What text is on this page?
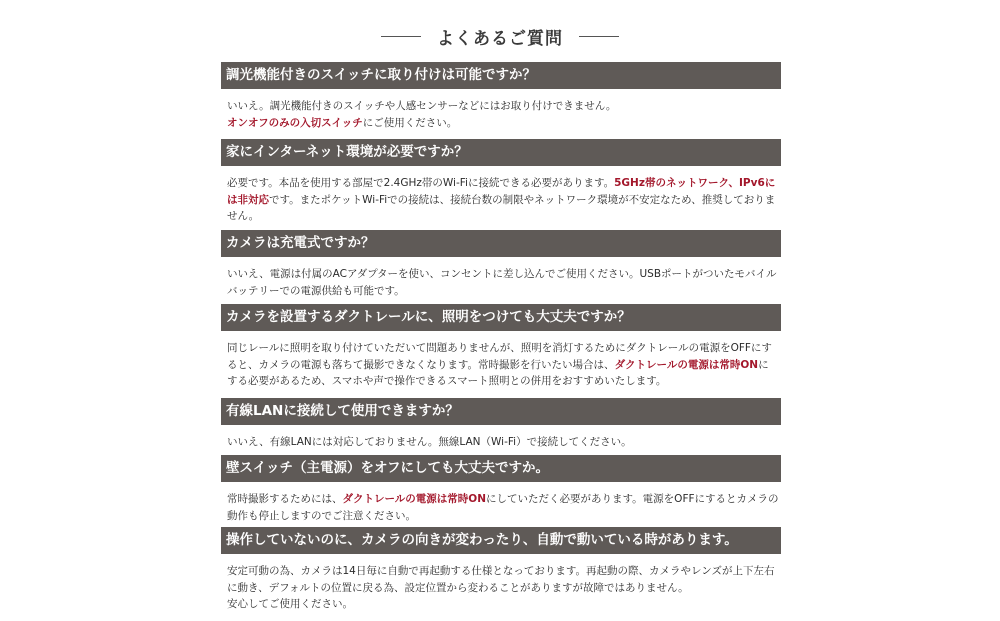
よくあるご質問
調光機能付きのスイッチに取り付けは可能ですか？
いいえ。調光機能付きのスイッチや人感センサーなどにはお取り付けできません。
オンオフのみの入切スイッチにご使用ください。
家にインターネット環境が必要ですか？
必要です。本品を使用する部屋で2.4GHz帯のWi-Fiに接続できる必要があります。5GHz帯のネットワーク、IPv6には非対応です。またポケットWi-Fiでの接続は、接続台数の制限やネットワーク環境が不安定なため、推奨しておりません。
カメラは充電式ですか？
いいえ、電源は付属のACアダプターを使い、コンセントに差し込んでご使用ください。USBポートがついたモバイルバッテリーでの電源供給も可能です。
カメラを設置するダクトレールに、照明をつけても大丈夫ですか？
同じレールに照明を取り付けていただいて問題ありませんが、照明を消灯するためにダクトレールの電源をOFFにすると、カメラの電源も落ちて撮影できなくなります。常時撮影を行いたい場合は、ダクトレールの電源は常時ONにする必要があるため、スマホや声で操作できるスマート照明との併用をおすすめいたします。
有線LANに接続して使用できますか？
いいえ、有線LANには対応しておりません。無線LAN（Wi-Fi）で接続してください。
壁スイッチ（主電源）をオフにしても大丈夫ですか。
常時撮影するためには、ダクトレールの電源は常時ONにしていただく必要があります。電源をOFFにするとカメラの動作も停止しますのでご注意ください。
操作していないのに、カメラの向きが変わったり、自動で動いている時があります。
安定可動の為、カメラは14日毎に自動で再起動する仕様となっております。再起動の際、カメラやレンズが上下左右に動き、デフォルトの位置に戻る為、設定位置から変わることがありますが故障ではありません。
安心してご使用ください。
